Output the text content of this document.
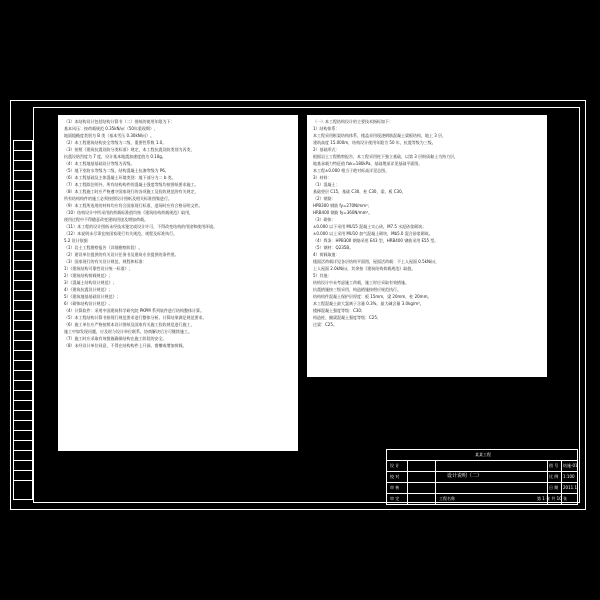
（1）本结构设计包括结构计算书（二）图纸的使用年限为下：

基本风压：按荷载规范 0.35kN/㎡（50年重现期），

地面粗糙度类别为 B 类（基本雪压 0.30kN/㎡）。

（2）本工程建筑结构安全等级为二级，重要性系数 1.0。

（3）按照《建筑抗震设防分类标准》规定，本工程抗震设防类别为丙类，

抗震设防烈度为 7 度，设计基本地震加速度值为 0.10g。

（4）本工程地基基础设计等级为丙级。

（5）地下室防水等级为二级，结构混凝土抗渗等级为 P6。

（6）本工程基础及主体混凝土环境类别：地下部分为二 b 类。

（7）本工程除注明外，所有结构构件的混凝土强度等级均按图纸要求施工。

（8）本工程施工时应严格遵守国家现行的各项施工及验收规范的有关规定，

所有结构构件的施工必须按照设计图纸及相关标准图集进行。

（9）本工程所选用的材料均应符合国家现行标准，进场时应有合格证明文件。

（10）结构设计中所采用的荷载标准值均按《建筑结构荷载规范》取用，

使用过程中不得随意改变建筑用途及增加荷载。

（11）本工程的设计图纸未经技术鉴定或设计许可，不得改变结构的用途和使用环境。

（12）本说明未尽事宜按国家现行有关规范、规程及标准执行。

5.2 设计依据

（1）岩土工程勘察报告（详细勘察阶段）。

（2）建设单位提供的有关设计任务书及建筑专业提供的条件图。

（3）国家现行的有关设计规范、规程和标准：

1）《建筑结构可靠性设计统一标准》；

2）《建筑结构荷载规范》；

3）《混凝土结构设计规范》；

4）《建筑抗震设计规范》；

5）《建筑地基基础设计规范》；

6）《砌体结构设计规范》。

（4）计算软件：采用中国建筑科学研究院 PKPM 系列软件进行结构整体计算。

（5）本工程结构计算书按现行规范要求进行整体分析，计算结果满足规范要求。

（6）施工单位应严格按照本设计图纸及国家有关施工验收规范进行施工，

施工中如发现问题，应及时与设计单位联系，协商解决后方可继续施工。

（7）施工时应采取有效措施确保结构在施工阶段的安全。

（8）未经设计单位同意，不得在结构构件上开洞、凿槽或增加荷载。

（一）本工程结构设计的主要技术指标如下：

1）结构体系：

本工程采用框架结构体系，楼盖采用现浇钢筋混凝土梁板结构，地上 3 层，

建筑高度 15.000m，结构设计使用年限为 50 年，抗震等级为三级。

2）基础形式：

根据岩土工程勘察报告，本工程采用柱下独立基础，以第 3 层粉质黏土为持力层，

地基承载力特征值 fak=180kPa，基础埋深详见基础平面图。

本工程±0.000 相当于绝对标高详见总图。

3）材料：

（1）混凝土：

基础垫层 C15，基础 C30，柱 C30，梁、板 C30。

（2）钢筋：

HPB300 钢筋 fy=270N/mm²；

HRB400 钢筋 fy=360N/mm²。

（3）砌体：

±0.000 以下采用 MU15 混凝土实心砖，M7.5 水泥砂浆砌筑；

±0.000 以上采用 MU10 加气混凝土砌块，Mb5.0 混合砂浆砌筑。

（4）焊条：HPB300 钢筋采用 E43 型，HRB400 钢筋采用 E55 型。

（5）钢材：Q235B。

4）荷载取值：

楼面活荷载详见各层结构平面图，屋面活荷载：不上人屋面 0.5kN/㎡，

上人屋面 2.0kN/㎡，其余按《建筑结构荷载规范》取值。

5）其他：

结构设计中未考虑施工荷载，施工时应采取有效措施。

抗震措施按三级采用，构造措施按相应规范执行。

结构构件混凝土保护层厚度：板 15mm，梁 20mm，柱 20mm。

本工程混凝土最大氯离子含量 0.3%，最大碱含量 3.0kg/m³。

楼梯混凝土强度等级：C30；

构造柱、圈梁混凝土强度等级：C25；

过梁：C25。

某某工程
设 计
校 对
审 核
审 定
设计说明（二）
工程名称
图 号 结施-01
比 例 1:100
日 期 2011.1
第 1 张 共 10 张
